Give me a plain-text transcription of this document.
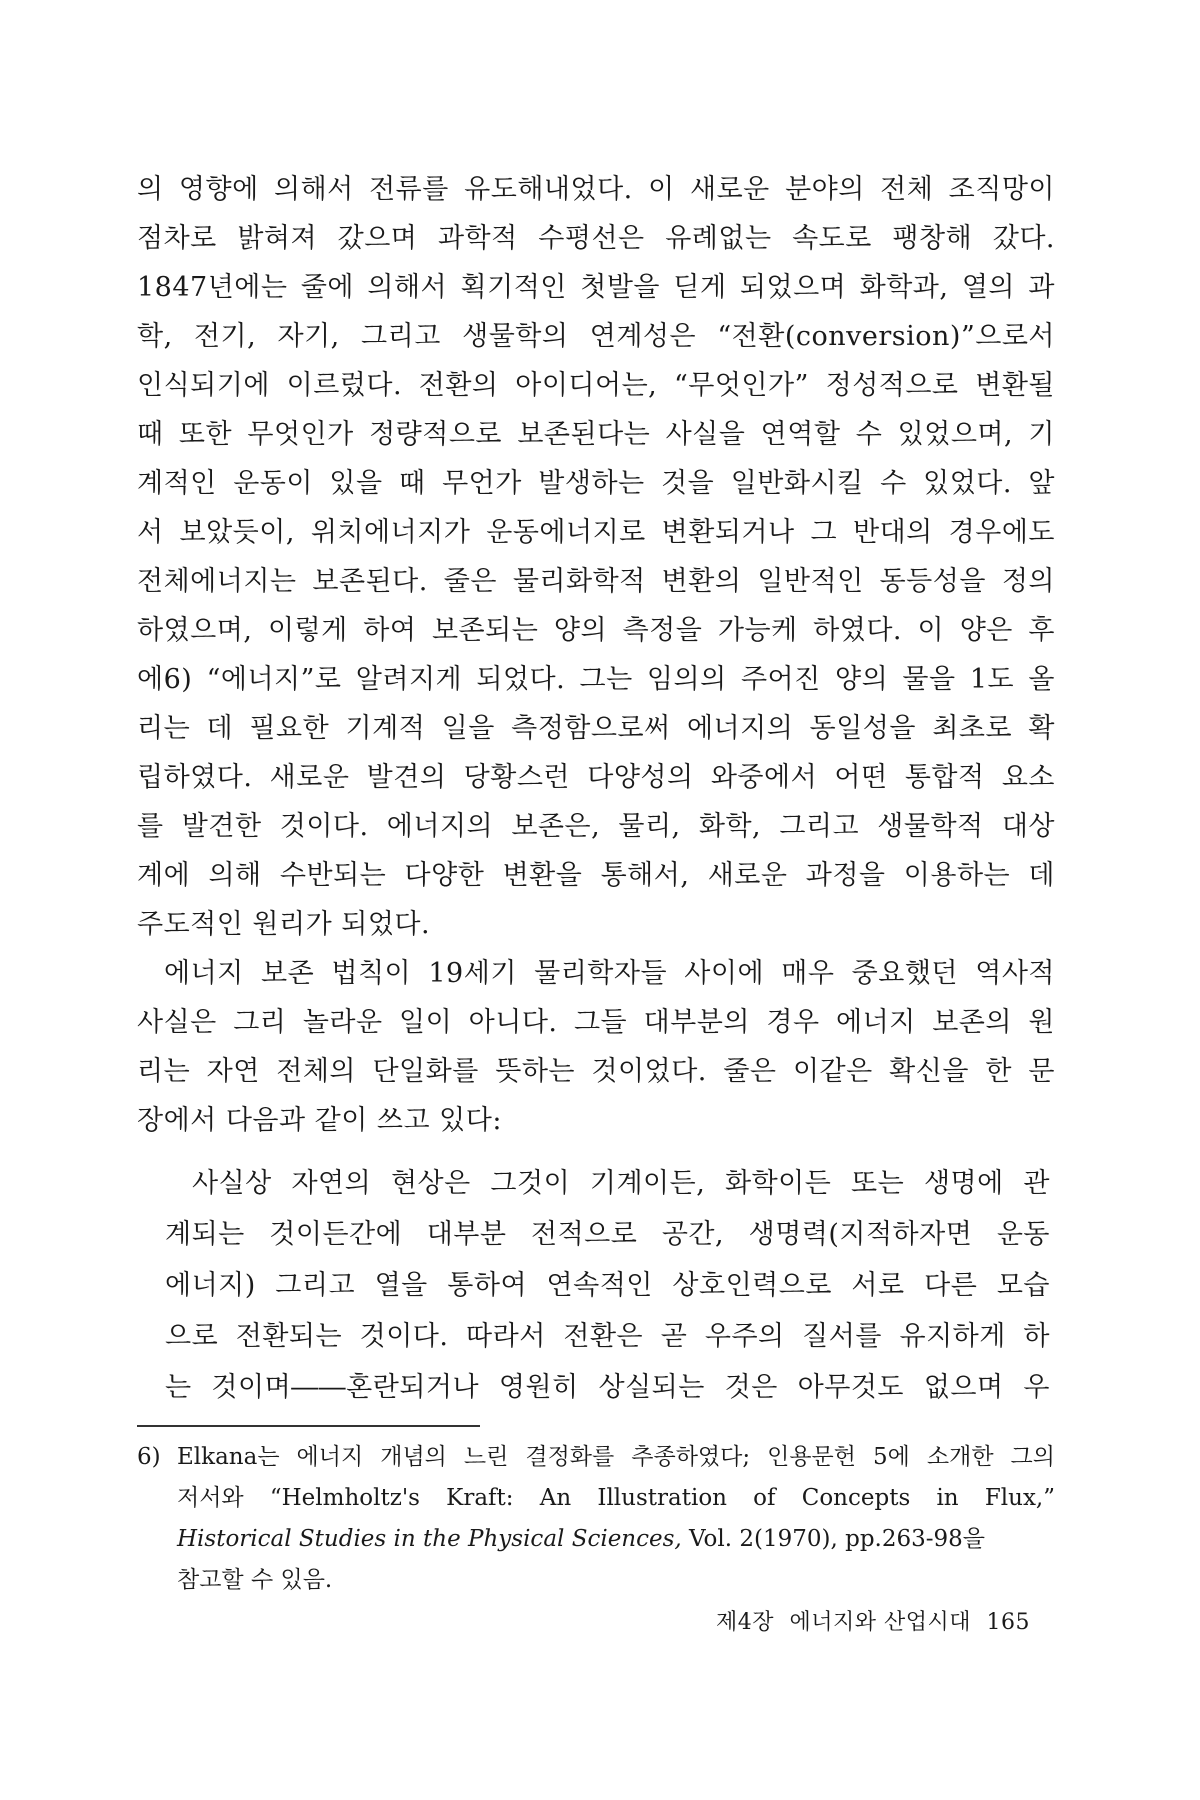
의 영향에 의해서 전류를 유도해내었다. 이 새로운 분야의 전체 조직망이
점차로 밝혀져 갔으며 과학적 수평선은 유례없는 속도로 팽창해 갔다.
1847년에는 줄에 의해서 획기적인 첫발을 딛게 되었으며 화학과, 열의 과
학, 전기, 자기, 그리고 생물학의 연계성은 “전환(conversion)”으로서
인식되기에 이르렀다. 전환의 아이디어는, “무엇인가” 정성적으로 변환될
때 또한 무엇인가 정량적으로 보존된다는 사실을 연역할 수 있었으며, 기
계적인 운동이 있을 때 무언가 발생하는 것을 일반화시킬 수 있었다. 앞
서 보았듯이, 위치에너지가 운동에너지로 변환되거나 그 반대의 경우에도
전체에너지는 보존된다. 줄은 물리화학적 변환의 일반적인 동등성을 정의
하였으며, 이렇게 하여 보존되는 양의 측정을 가능케 하였다. 이 양은 후
에6) “에너지”로 알려지게 되었다. 그는 임의의 주어진 양의 물을 1도 올
리는 데 필요한 기계적 일을 측정함으로써 에너지의 동일성을 최초로 확
립하였다. 새로운 발견의 당황스런 다양성의 와중에서 어떤 통합적 요소
를 발견한 것이다. 에너지의 보존은, 물리, 화학, 그리고 생물학적 대상
계에 의해 수반되는 다양한 변환을 통해서, 새로운 과정을 이용하는 데
주도적인 원리가 되었다.
에너지 보존 법칙이 19세기 물리학자들 사이에 매우 중요했던 역사적
사실은 그리 놀라운 일이 아니다. 그들 대부분의 경우 에너지 보존의 원
리는 자연 전체의 단일화를 뜻하는 것이었다. 줄은 이같은 확신을 한 문
장에서 다음과 같이 쓰고 있다:
사실상 자연의 현상은 그것이 기계이든, 화학이든 또는 생명에 관
계되는 것이든간에 대부분 전적으로 공간, 생명력(지적하자면 운동
에너지) 그리고 열을 통하여 연속적인 상호인력으로 서로 다른 모습
으로 전환되는 것이다. 따라서 전환은 곧 우주의 질서를 유지하게 하
는 것이며――혼란되거나 영원히 상실되는 것은 아무것도 없으며 우
6) Elkana는 에너지 개념의 느린 결정화를 추종하였다; 인용문헌 5에 소개한 그의
저서와 “Helmholtz's Kraft: An Illustration of Concepts in Flux,”
Historical Studies in the Physical Sciences, Vol. 2(1970), pp.263-98을
참고할 수 있음.
제4장 에너지와 산업시대 165
